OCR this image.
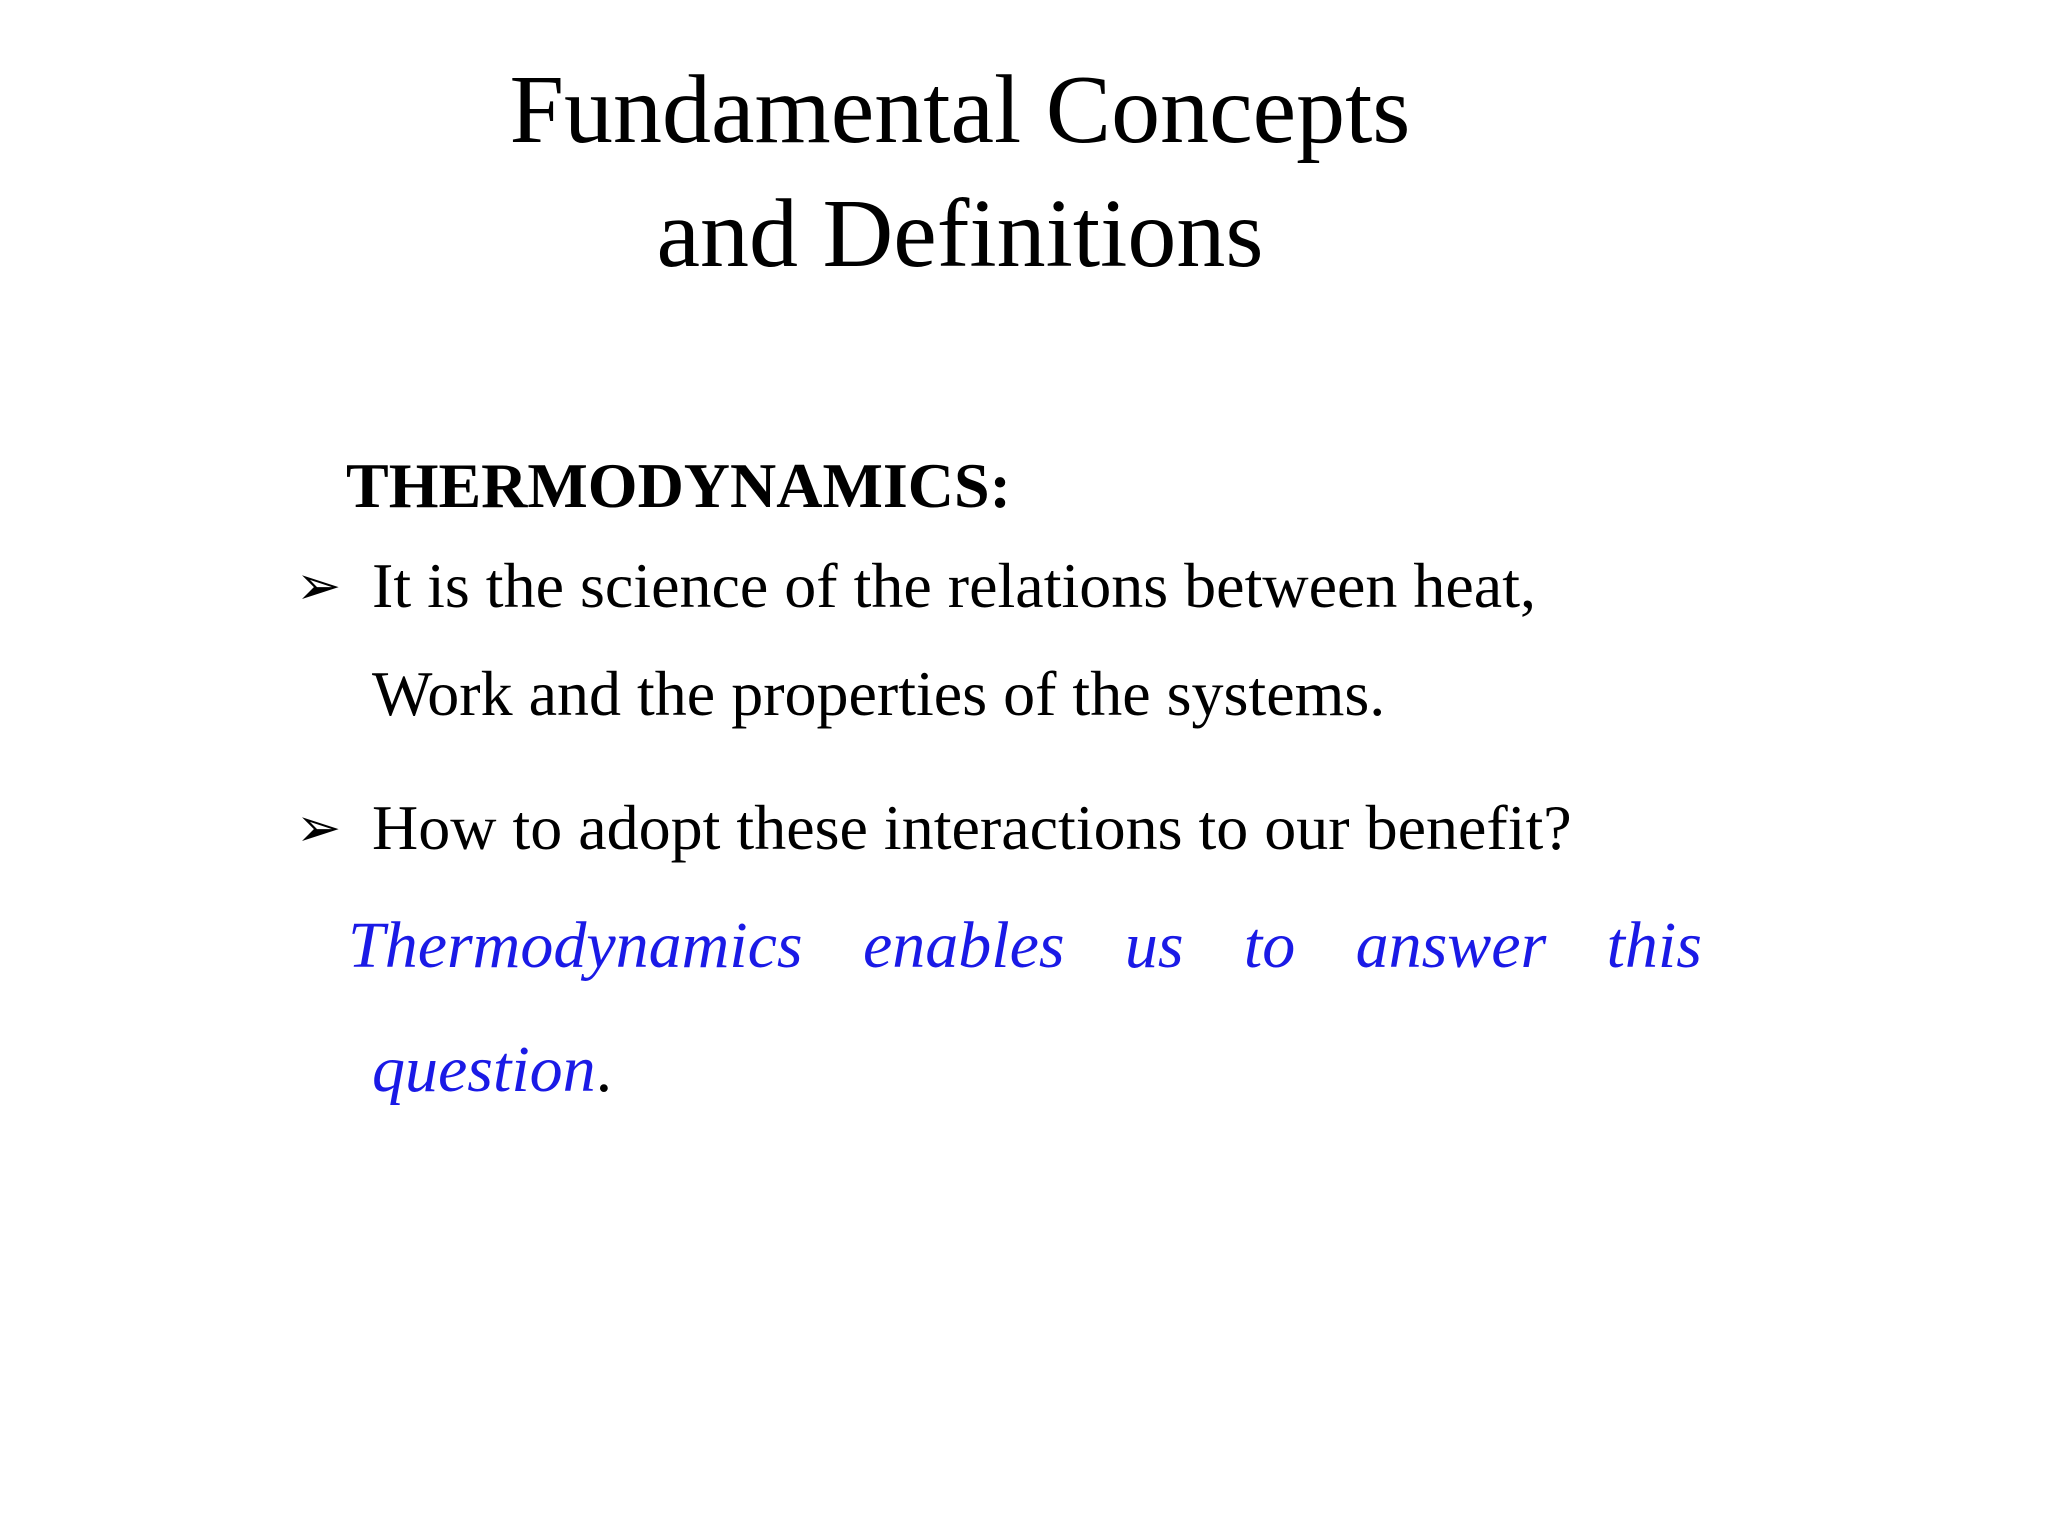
Fundamental Concepts
and Definitions
THERMODYNAMICS:
➢ It is the science of the relations between heat,
Work and the properties of the systems.
➢ How to adopt these interactions to our benefit?
Thermodynamics enables us to answer this
question.
